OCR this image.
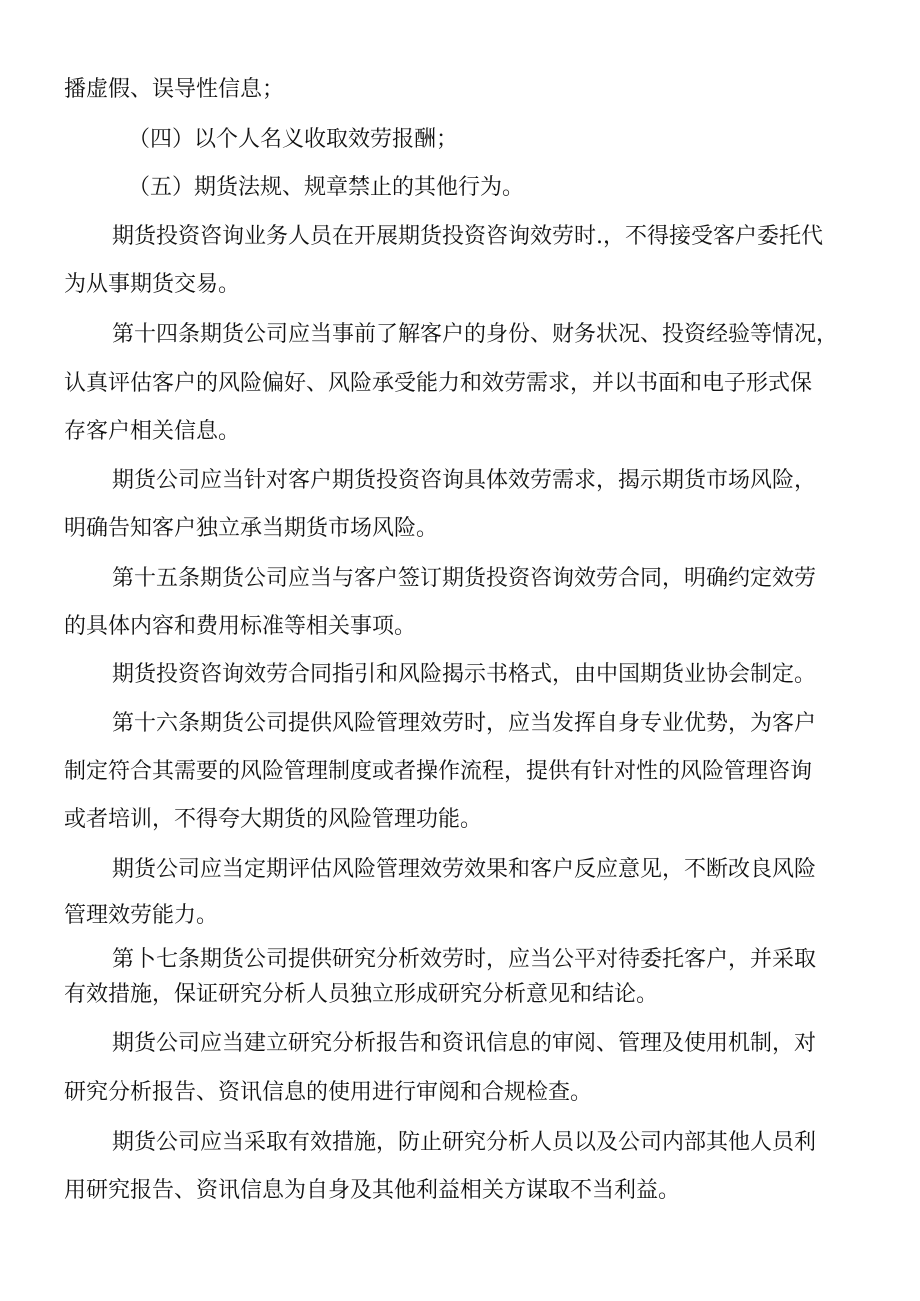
播虚假、误导性信息；
（四）以个人名义收取效劳报酬；
（五）期货法规、规章禁止的其他行为。
期货投资咨询业务人员在开展期货投资咨询效劳时.，不得接受客户委托代
为从事期货交易。
第十四条期货公司应当事前了解客户的身份、财务状况、投资经验等情况，
认真评估客户的风险偏好、风险承受能力和效劳需求，并以书面和电子形式保
存客户相关信息。
期货公司应当针对客户期货投资咨询具体效劳需求，揭示期货市场风险，
明确告知客户独立承当期货市场风险。
第十五条期货公司应当与客户签订期货投资咨询效劳合同，明确约定效劳
的具体内容和费用标准等相关事项。
期货投资咨询效劳合同指引和风险揭示书格式，由中国期货业协会制定。
第十六条期货公司提供风险管理效劳时，应当发挥自身专业优势，为客户
制定符合其需要的风险管理制度或者操作流程，提供有针对性的风险管理咨询
或者培训，不得夸大期货的风险管理功能。
期货公司应当定期评估风险管理效劳效果和客户反应意见，不断改良风险
管理效劳能力。
第卜七条期货公司提供研究分析效劳时，应当公平对待委托客户，并采取
有效措施，保证研究分析人员独立形成研究分析意见和结论。
期货公司应当建立研究分析报告和资讯信息的审阅、管理及使用机制，对
研究分析报告、资讯信息的使用进行审阅和合规检查。
期货公司应当采取有效措施，防止研究分析人员以及公司内部其他人员利
用研究报告、资讯信息为自身及其他利益相关方谋取不当利益。
